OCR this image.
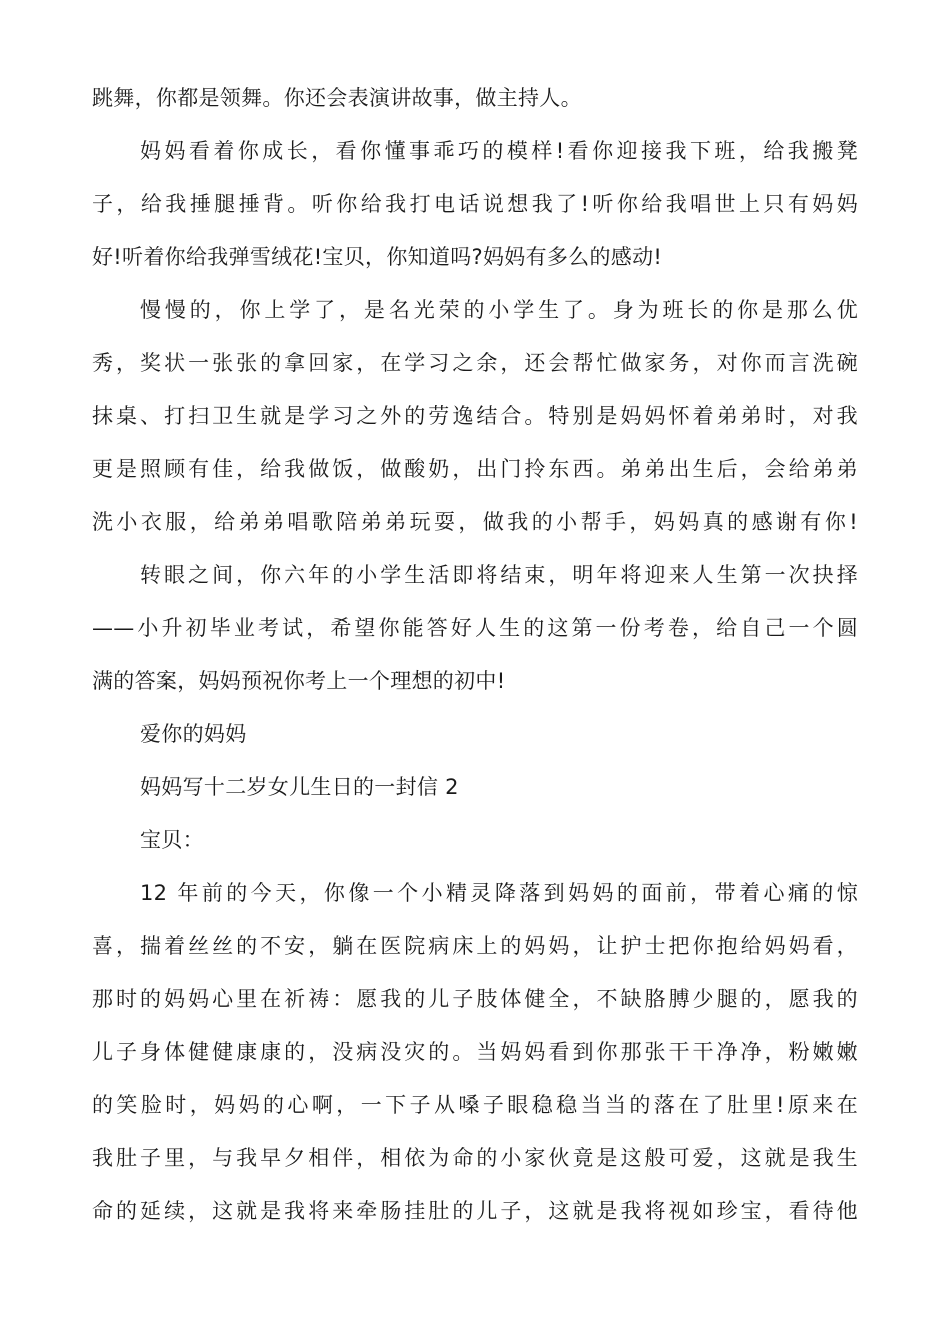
跳舞，你都是领舞。你还会表演讲故事，做主持人。
妈妈看着你成长，看你懂事乖巧的模样!看你迎接我下班，给我搬凳
子，给我捶腿捶背。听你给我打电话说想我了!听你给我唱世上只有妈妈
好!听着你给我弹雪绒花!宝贝，你知道吗?妈妈有多么的感动!
慢慢的，你上学了，是名光荣的小学生了。身为班长的你是那么优
秀，奖状一张张的拿回家，在学习之余，还会帮忙做家务，对你而言洗碗
抹桌、打扫卫生就是学习之外的劳逸结合。特别是妈妈怀着弟弟时，对我
更是照顾有佳，给我做饭，做酸奶，出门拎东西。弟弟出生后，会给弟弟
洗小衣服，给弟弟唱歌陪弟弟玩耍，做我的小帮手，妈妈真的感谢有你!
转眼之间，你六年的小学生活即将结束，明年将迎来人生第一次抉择
——小升初毕业考试，希望你能答好人生的这第一份考卷，给自己一个圆
满的答案，妈妈预祝你考上一个理想的初中!
爱你的妈妈
妈妈写十二岁女儿生日的一封信 2
宝贝：
12 年前的今天，你像一个小精灵降落到妈妈的面前，带着心痛的惊
喜，揣着丝丝的不安，躺在医院病床上的妈妈，让护士把你抱给妈妈看，
那时的妈妈心里在祈祷：愿我的儿子肢体健全，不缺胳膊少腿的，愿我的
儿子身体健健康康的，没病没灾的。当妈妈看到你那张干干净净，粉嫩嫩
的笑脸时，妈妈的心啊，一下子从嗓子眼稳稳当当的落在了肚里!原来在
我肚子里，与我早夕相伴，相依为命的小家伙竟是这般可爱，这就是我生
命的延续，这就是我将来牵肠挂肚的儿子，这就是我将视如珍宝，看待他
